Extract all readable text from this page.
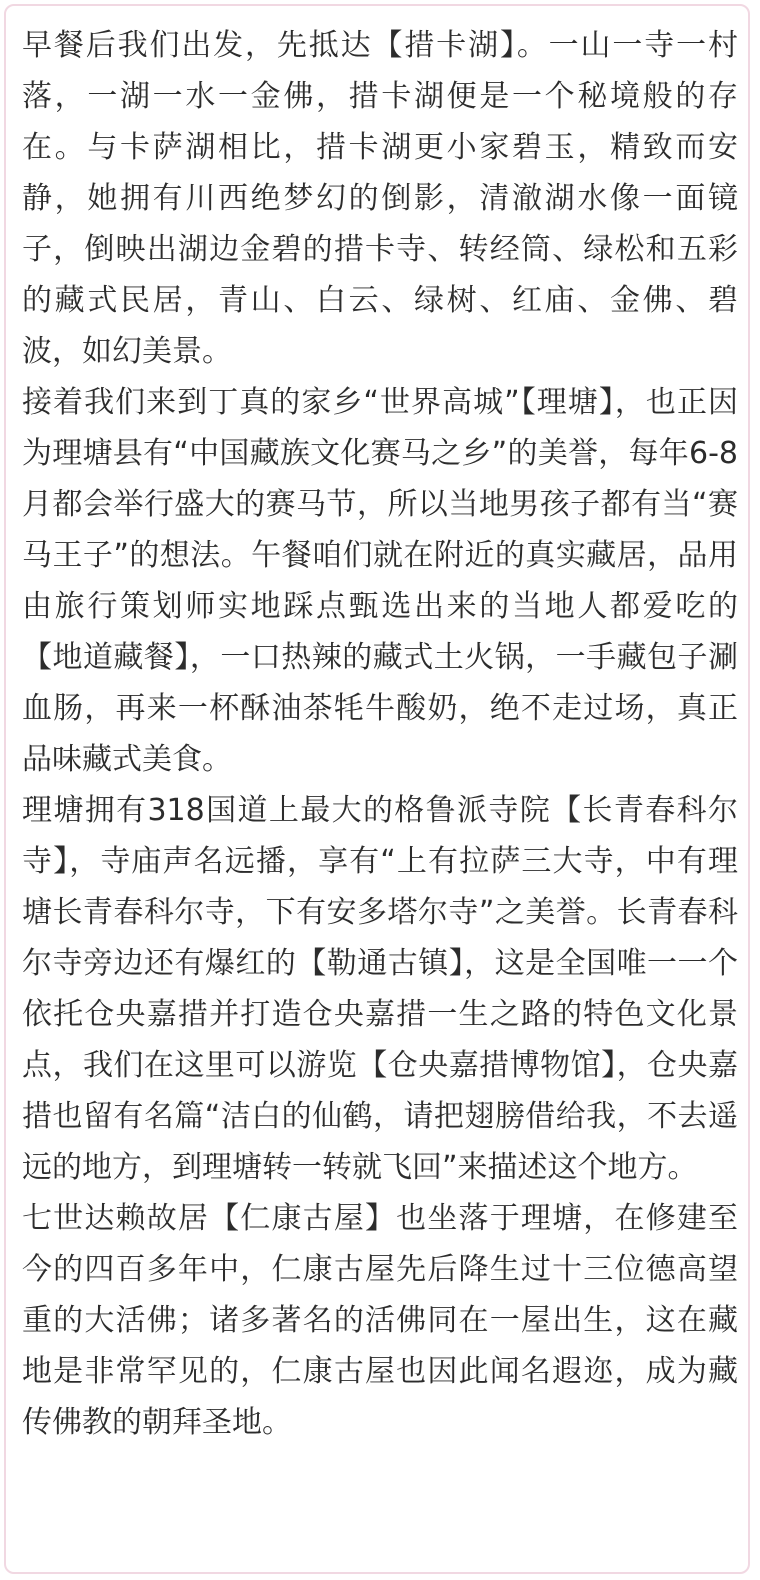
早餐后我们出发，先抵达【措卡湖】。一山一寺一村落，一湖一水一金佛，措卡湖便是一个秘境般的存在。与卡萨湖相比，措卡湖更小家碧玉，精致而安静，她拥有川西绝梦幻的倒影，清澈湖水像一面镜子，倒映出湖边金碧的措卡寺、转经筒、绿松和五彩的藏式民居，青山、白云、绿树、红庙、金佛、碧波，如幻美景。

接着我们来到丁真的家乡“世界高城”【理塘】，也正因为理塘县有“中国藏族文化赛马之乡”的美誉，每年6-8月都会举行盛大的赛马节，所以当地男孩子都有当“赛马王子”的想法。午餐咱们就在附近的真实藏居，品用由旅行策划师实地踩点甄选出来的当地人都爱吃的【地道藏餐】，一口热辣的藏式土火锅，一手藏包子涮血肠，再来一杯酥油茶牦牛酸奶，绝不走过场，真正品味藏式美食。

理塘拥有318国道上最大的格鲁派寺院【长青春科尔寺】，寺庙声名远播，享有“上有拉萨三大寺，中有理塘长青春科尔寺，下有安多塔尔寺”之美誉。长青春科尔寺旁边还有爆红的【勒通古镇】，这是全国唯一一个依托仓央嘉措并打造仓央嘉措一生之路的特色文化景点，我们在这里可以游览【仓央嘉措博物馆】，仓央嘉措也留有名篇“洁白的仙鹤，请把翅膀借给我，不去遥远的地方，到理塘转一转就飞回”来描述这个地方。

七世达赖故居【仁康古屋】也坐落于理塘，在修建至今的四百多年中，仁康古屋先后降生过十三位德高望重的大活佛；诸多著名的活佛同在一屋出生，这在藏地是非常罕见的，仁康古屋也因此闻名遐迩，成为藏传佛教的朝拜圣地。
